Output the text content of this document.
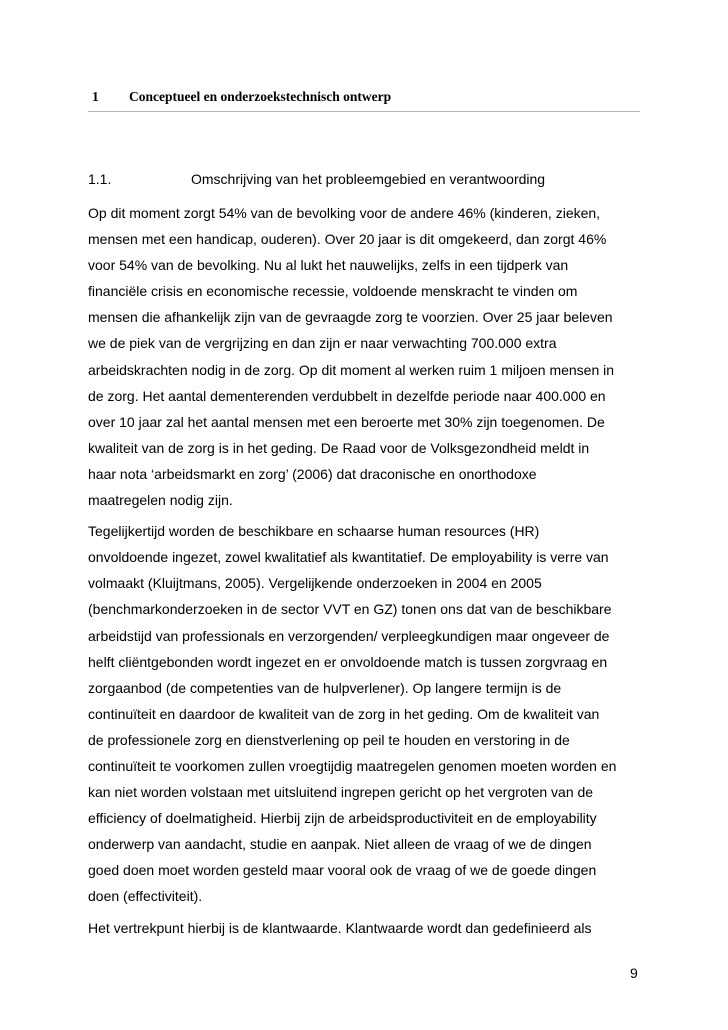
1 Conceptueel en onderzoekstechnisch ontwerp
1.1.	Omschrijving van het probleemgebied en verantwoording
Op dit moment zorgt 54% van de bevolking voor de andere 46% (kinderen, zieken,
mensen met een handicap, ouderen). Over 20 jaar is dit omgekeerd, dan zorgt 46%
voor 54% van de bevolking. Nu al lukt het nauwelijks, zelfs in een tijdperk van
financiële crisis en economische recessie, voldoende menskracht te vinden om
mensen die afhankelijk zijn van de gevraagde zorg te voorzien. Over 25 jaar beleven
we de piek van de vergrijzing en dan zijn er naar verwachting 700.000 extra
arbeidskrachten nodig in de zorg. Op dit moment al werken ruim 1 miljoen mensen in
de zorg. Het aantal dementerenden verdubbelt in dezelfde periode naar 400.000 en
over 10 jaar zal het aantal mensen met een beroerte met 30% zijn toegenomen. De
kwaliteit van de zorg is in het geding. De Raad voor de Volksgezondheid meldt in
haar nota ‘arbeidsmarkt en zorg’ (2006) dat draconische en onorthodoxe
maatregelen nodig zijn.
Tegelijkertijd worden de beschikbare en schaarse human resources (HR)
onvoldoende ingezet, zowel kwalitatief als kwantitatief. De employability is verre van
volmaakt (Kluijtmans, 2005). Vergelijkende onderzoeken in 2004 en 2005
(benchmarkonderzoeken in de sector VVT en GZ) tonen ons dat van de beschikbare
arbeidstijd van professionals en verzorgenden/ verpleegkundigen maar ongeveer de
helft cliëntgebonden wordt ingezet en er onvoldoende match is tussen zorgvraag en
zorgaanbod (de competenties van de hulpverlener). Op langere termijn is de
continuïteit en daardoor de kwaliteit van de zorg in het geding. Om de kwaliteit van
de professionele zorg en dienstverlening op peil te houden en verstoring in de
continuïteit te voorkomen zullen vroegtijdig maatregelen genomen moeten worden en
kan niet worden volstaan met uitsluitend ingrepen gericht op het vergroten van de
efficiency of doelmatigheid. Hierbij zijn de arbeidsproductiviteit en de employability
onderwerp van aandacht, studie en aanpak. Niet alleen de vraag of we de dingen
goed doen moet worden gesteld maar vooral ook de vraag of we de goede dingen
doen (effectiviteit).
Het vertrekpunt hierbij is de klantwaarde. Klantwaarde wordt dan gedefinieerd als
9
